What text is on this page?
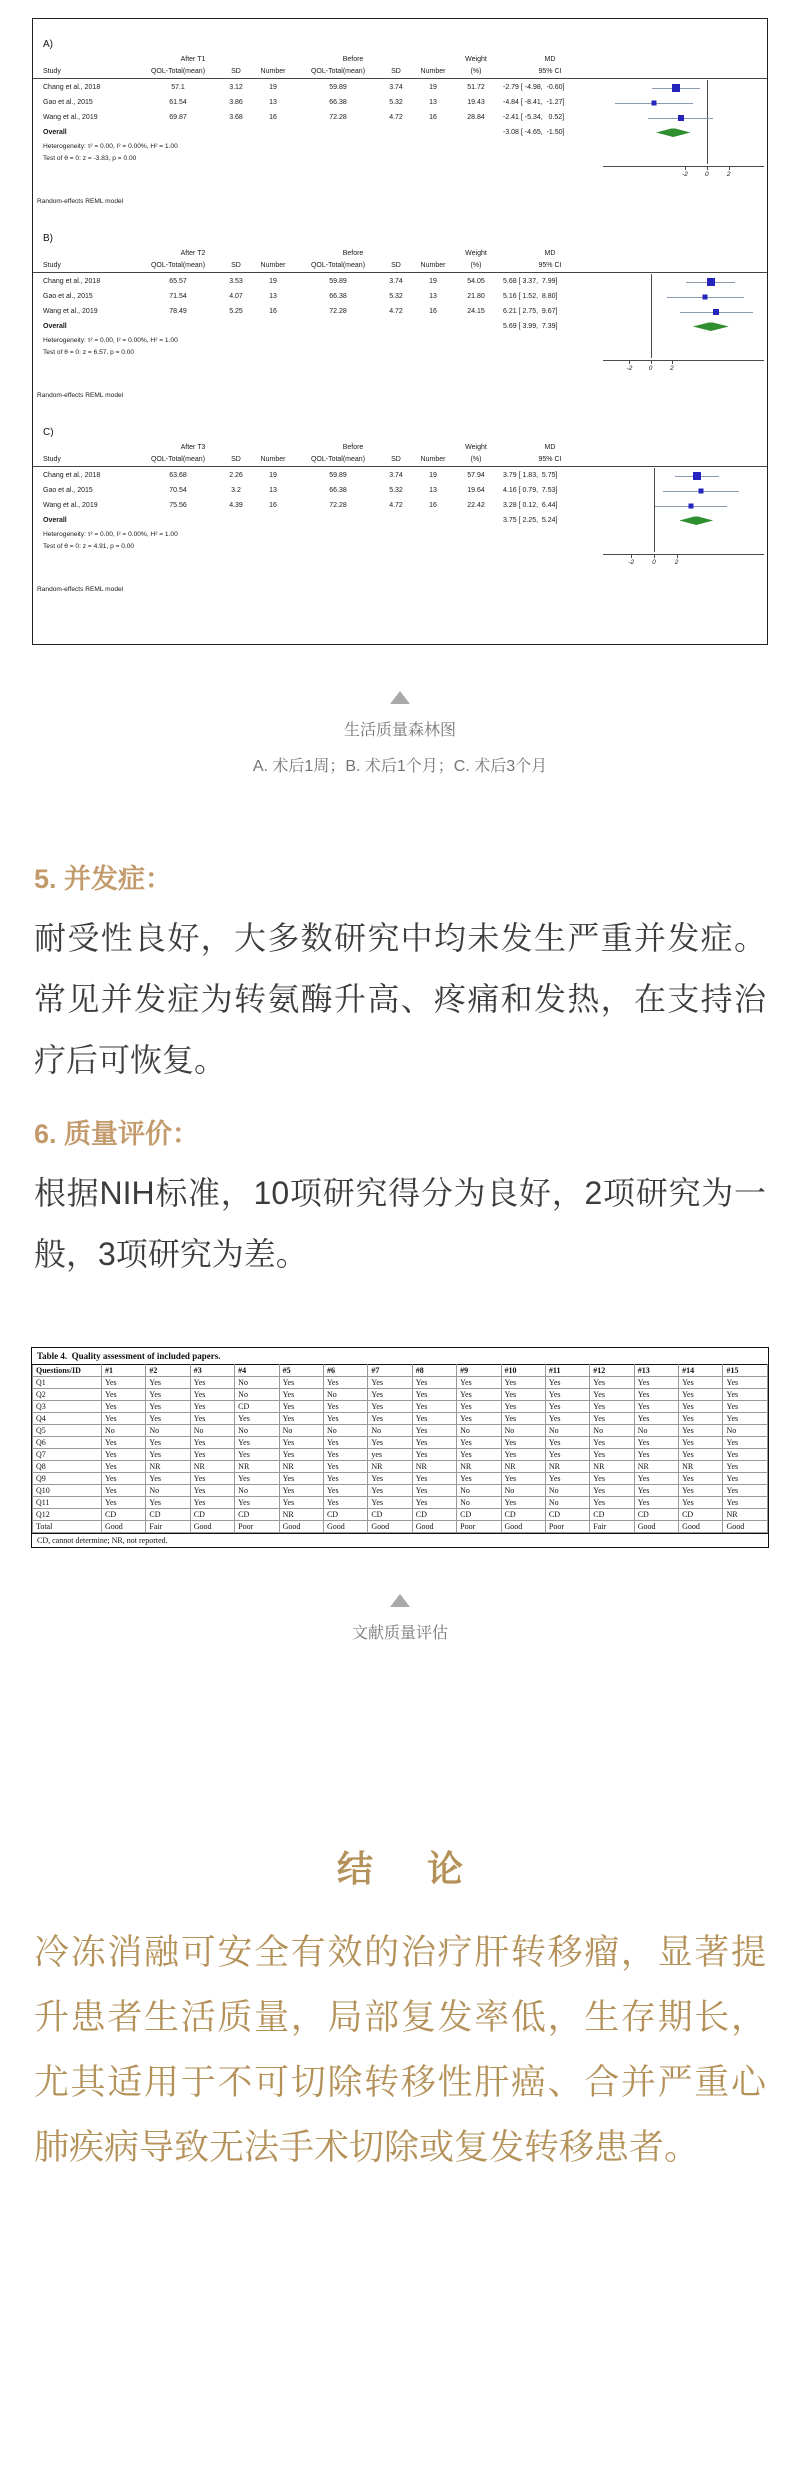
A)
After T1	Before	Weight	MD
Study	QOL-Total(mean)	SD	Number	QOL-Total(mean)	SD	Number	(%)	95% CI
Chang et al., 2018	57.1	3.12	19	59.89	3.74	19	51.72	-2.79 [ -4.98,  -0.60]
Gao et al., 2015	61.54	3.86	13	66.38	5.32	13	19.43	-4.84 [ -8.41,  -1.27]
Wang et al., 2019	69.87	3.68	16	72.28	4.72	16	28.84	-2.41 [ -5.34,   0.52]
Overall	-3.08 [ -4.65,  -1.50]
Heterogeneity: τ² = 0.00, I² = 0.00%, H² = 1.00
Test of θ = 0: z = -3.83, p = 0.00
-2	0	2
Random-effects REML model
B)
After T2	Before	Weight	MD
Study	QOL-Total(mean)	SD	Number	QOL-Total(mean)	SD	Number	(%)	95% CI
Chang et al., 2018	65.57	3.53	19	59.89	3.74	19	54.05	5.68 [ 3.37,  7.99]
Gao et al., 2015	71.54	4.07	13	66.38	5.32	13	21.80	5.16 [ 1.52,  8.80]
Wang et al., 2019	78.49	5.25	16	72.28	4.72	16	24.15	6.21 [ 2.75,  9.67]
Overall	5.69 [ 3.99,  7.39]
Heterogeneity: τ² = 0.00, I² = 0.00%, H² = 1.00
Test of θ = 0: z = 6.57, p = 0.00
-2	0	2
Random-effects REML model
C)
After T3	Before	Weight	MD
Study	QOL-Total(mean)	SD	Number	QOL-Total(mean)	SD	Number	(%)	95% CI
Chang et al., 2018	63.68	2.26	19	59.89	3.74	19	57.94	3.79 [ 1.83,  5.75]
Gao et al., 2015	70.54	3.2	13	66.38	5.32	13	19.64	4.16 [ 0.79,  7.53]
Wang et al., 2019	75.56	4.39	16	72.28	4.72	16	22.42	3.28 [ 0.12,  6.44]
Overall	3.75 [ 2.25,  5.24]
Heterogeneity: τ² = 0.00, I² = 0.00%, H² = 1.00
Test of θ = 0: z = 4.91, p = 0.00
-2	0	2
Random-effects REML model
生活质量森林图
A. 术后1周；B. 术后1个月；C. 术后3个月
5. 并发症：

耐受性良好，大多数研究中均未发生严重并发症。常见并发症为转氨酶升高、疼痛和发热，在支持治疗后可恢复。

6. 质量评价：

根据NIH标准，10项研究得分为良好，2项研究为一般，3项研究为差。

Table 4.  Quality assessment of included papers.
Questions/ID	#1	#2	#3	#4	#5	#6	#7	#8	#9	#10	#11	#12	#13	#14	#15
Q1	Yes	Yes	Yes	No	Yes	Yes	Yes	Yes	Yes	Yes	Yes	Yes	Yes	Yes	Yes
Q2	Yes	Yes	Yes	No	Yes	No	Yes	Yes	Yes	Yes	Yes	Yes	Yes	Yes	Yes
Q3	Yes	Yes	Yes	CD	Yes	Yes	Yes	Yes	Yes	Yes	Yes	Yes	Yes	Yes	Yes
Q4	Yes	Yes	Yes	Yes	Yes	Yes	Yes	Yes	Yes	Yes	Yes	Yes	Yes	Yes	Yes
Q5	No	No	No	No	No	No	No	Yes	No	No	No	No	No	Yes	No
Q6	Yes	Yes	Yes	Yes	Yes	Yes	Yes	Yes	Yes	Yes	Yes	Yes	Yes	Yes	Yes
Q7	Yes	Yes	Yes	Yes	Yes	Yes	yes	Yes	Yes	Yes	Yes	Yes	Yes	Yes	Yes
Q8	Yes	NR	NR	NR	NR	Yes	NR	NR	NR	NR	NR	NR	NR	NR	Yes
Q9	Yes	Yes	Yes	Yes	Yes	Yes	Yes	Yes	Yes	Yes	Yes	Yes	Yes	Yes	Yes
Q10	Yes	No	Yes	No	Yes	Yes	Yes	Yes	No	No	No	Yes	Yes	Yes	Yes
Q11	Yes	Yes	Yes	Yes	Yes	Yes	Yes	Yes	No	Yes	No	Yes	Yes	Yes	Yes
Q12	CD	CD	CD	CD	NR	CD	CD	CD	CD	CD	CD	CD	CD	CD	NR
Total	Good	Fair	Good	Poor	Good	Good	Good	Good	Poor	Good	Poor	Fair	Good	Good	Good
CD, cannot determine; NR, not reported.
文献质量评估
结 论

冷冻消融可安全有效的治疗肝转移瘤，显著提升患者生活质量，局部复发率低，生存期长，尤其适用于不可切除转移性肝癌、合并严重心肺疾病导致无法手术切除或复发转移患者。
